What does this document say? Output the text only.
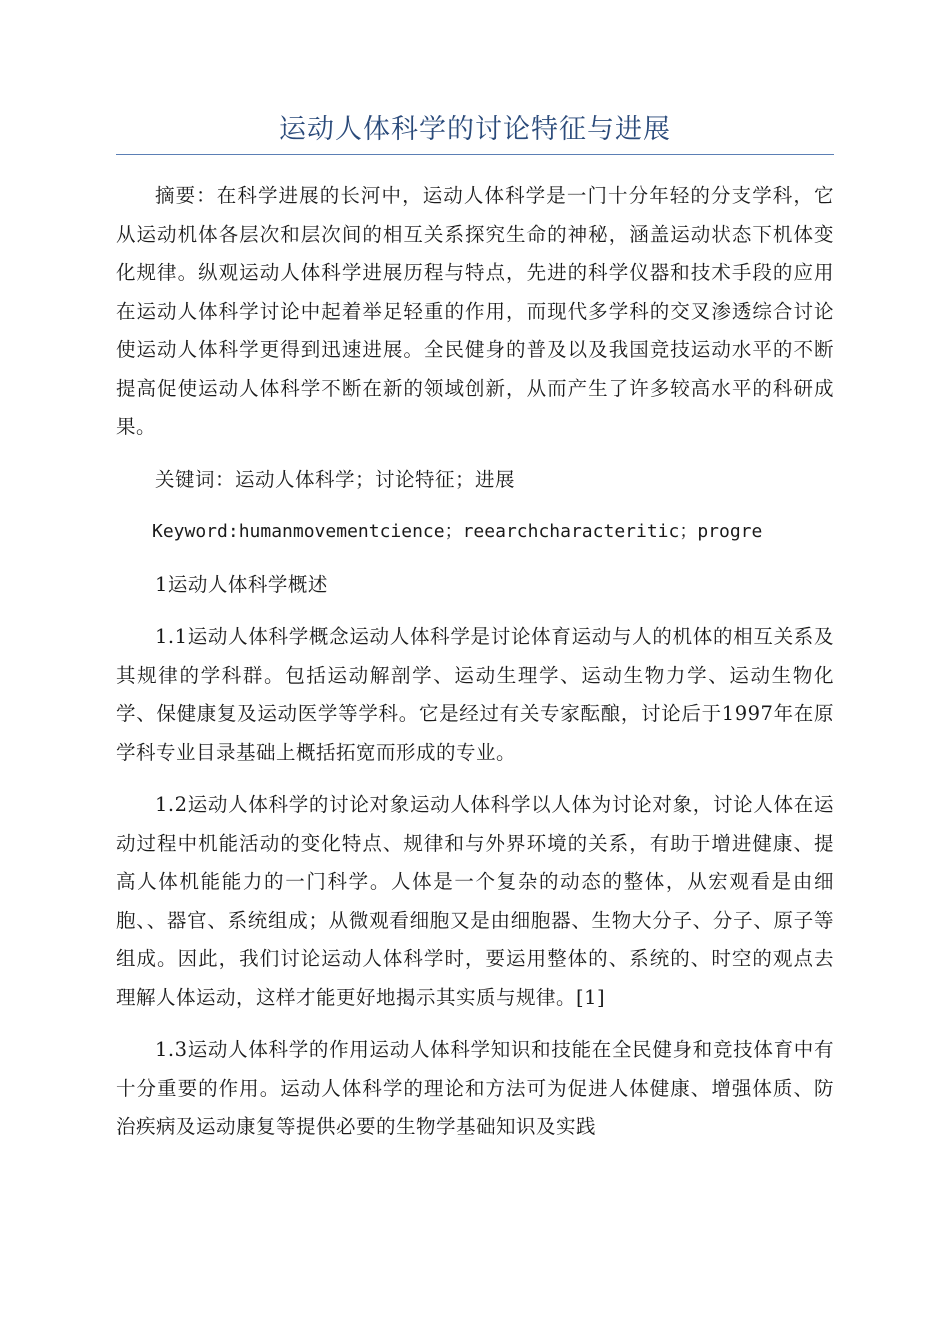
运动人体科学的讨论特征与进展

摘要：在科学进展的长河中，运动人体科学是一门十分年轻的分支学科，它从运动机体各层次和层次间的相互关系探究生命的神秘，涵盖运动状态下机体变化规律。纵观运动人体科学进展历程与特点，先进的科学仪器和技术手段的应用在运动人体科学讨论中起着举足轻重的作用，而现代多学科的交叉渗透综合讨论使运动人体科学更得到迅速进展。全民健身的普及以及我国竞技运动水平的不断提高促使运动人体科学不断在新的领域创新，从而产生了许多较高水平的科研成果。

关键词：运动人体科学；讨论特征；进展

Keyword:humanmovementcience；reearchcharacteritic；progre

1运动人体科学概述

1.1运动人体科学概念运动人体科学是讨论体育运动与人的机体的相互关系及其规律的学科群。包括运动解剖学、运动生理学、运动生物力学、运动生物化学、保健康复及运动医学等学科。它是经过有关专家酝酿，讨论后于1997年在原学科专业目录基础上概括拓宽而形成的专业。

1.2运动人体科学的讨论对象运动人体科学以人体为讨论对象，讨论人体在运动过程中机能活动的变化特点、规律和与外界环境的关系，有助于增进健康、提高人体机能能力的一门科学。人体是一个复杂的动态的整体，从宏观看是由细胞、、器官、系统组成；从微观看细胞又是由细胞器、生物大分子、分子、原子等组成。因此，我们讨论运动人体科学时，要运用整体的、系统的、时空的观点去理解人体运动，这样才能更好地揭示其实质与规律。[1]

1.3运动人体科学的作用运动人体科学知识和技能在全民健身和竞技体育中有十分重要的作用。运动人体科学的理论和方法可为促进人体健康、增强体质、防治疾病及运动康复等提供必要的生物学基础知识及实践
